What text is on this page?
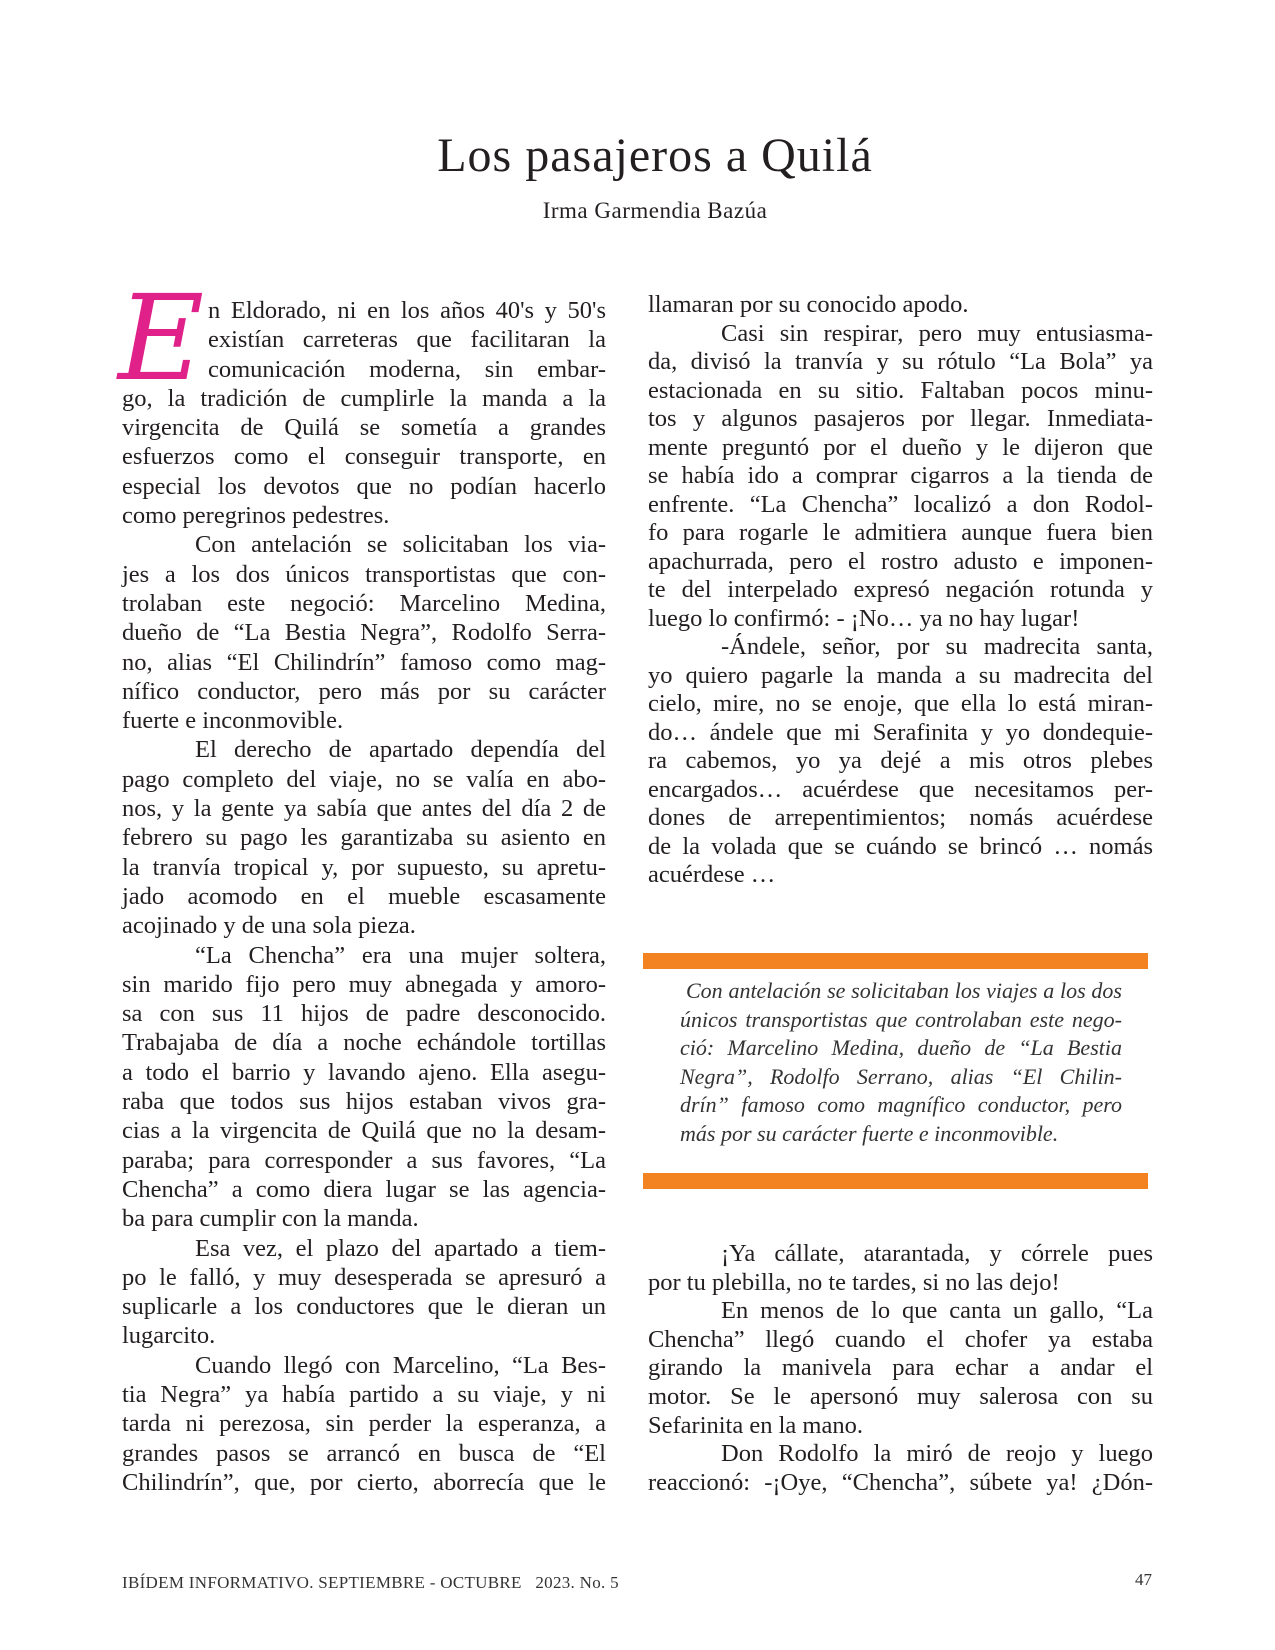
Los pasajeros a Quilá
Irma Garmendia Bazúa
E n Eldorado, ni en los años 40's y 50's
existían carreteras que facilitaran la
comunicación moderna, sin embar-
go, la tradición de cumplirle la manda a la
virgencita de Quilá se sometía a grandes
esfuerzos como el conseguir transporte, en
especial los devotos que no podían hacerlo
como peregrinos pedestres.
Con antelación se solicitaban los via-
jes a los dos únicos transportistas que con-
trolaban este negoció: Marcelino Medina,
dueño de “La Bestia Negra”, Rodolfo Serra-
no, alias “El Chilindrín” famoso como mag-
nífico conductor, pero más por su carácter
fuerte e inconmovible.
El derecho de apartado dependía del
pago completo del viaje, no se valía en abo-
nos, y la gente ya sabía que antes del día 2 de
febrero su pago les garantizaba su asiento en
la tranvía tropical y, por supuesto, su apretu-
jado acomodo en el mueble escasamente
acojinado y de una sola pieza.
“La Chencha” era una mujer soltera,
sin marido fijo pero muy abnegada y amoro-
sa con sus 11 hijos de padre desconocido.
Trabajaba de día a noche echándole tortillas
a todo el barrio y lavando ajeno. Ella asegu-
raba que todos sus hijos estaban vivos gra-
cias a la virgencita de Quilá que no la desam-
paraba; para corresponder a sus favores, “La
Chencha” a como diera lugar se las agencia-
ba para cumplir con la manda.
Esa vez, el plazo del apartado a tiem-
po le falló, y muy desesperada se apresuró a
suplicarle a los conductores que le dieran un
lugarcito.
Cuando llegó con Marcelino, “La Bes-
tia Negra” ya había partido a su viaje, y ni
tarda ni perezosa, sin perder la esperanza, a
grandes pasos se arrancó en busca de “El
Chilindrín”, que, por cierto, aborrecía que le
llamaran por su conocido apodo.
Casi sin respirar, pero muy entusiasma-
da, divisó la tranvía y su rótulo “La Bola” ya
estacionada en su sitio. Faltaban pocos minu-
tos y algunos pasajeros por llegar. Inmediata-
mente preguntó por el dueño y le dijeron que
se había ido a comprar cigarros a la tienda de
enfrente. “La Chencha” localizó a don Rodol-
fo para rogarle le admitiera aunque fuera bien
apachurrada, pero el rostro adusto e imponen-
te del interpelado expresó negación rotunda y
luego lo confirmó: - ¡No… ya no hay lugar!
-Ándele, señor, por su madrecita santa,
yo quiero pagarle la manda a su madrecita del
cielo, mire, no se enoje, que ella lo está miran-
do… ándele que mi Serafinita y yo dondequie-
ra cabemos, yo ya dejé a mis otros plebes
encargados… acuérdese que necesitamos per-
dones de arrepentimientos; nomás acuérdese
de la volada que se cuándo se brincó … nomás
acuérdese …
Con antelación se solicitaban los viajes a los dos
únicos transportistas que controlaban este nego-
ció: Marcelino Medina, dueño de “La Bestia
Negra”, Rodolfo Serrano, alias “El Chilin-
drín” famoso como magnífico conductor, pero
más por su carácter fuerte e inconmovible.
¡Ya cállate, atarantada, y córrele pues
por tu plebilla, no te tardes, si no las dejo!
En menos de lo que canta un gallo, “La
Chencha” llegó cuando el chofer ya estaba
girando la manivela para echar a andar el
motor. Se le apersonó muy salerosa con su
Sefarinita en la mano.
Don Rodolfo la miró de reojo y luego
reaccionó: -¡Oye, “Chencha”, súbete ya! ¿Dón-
IBÍDEM INFORMATIVO. SEPTIEMBRE - OCTUBRE   2023. No. 5	47
